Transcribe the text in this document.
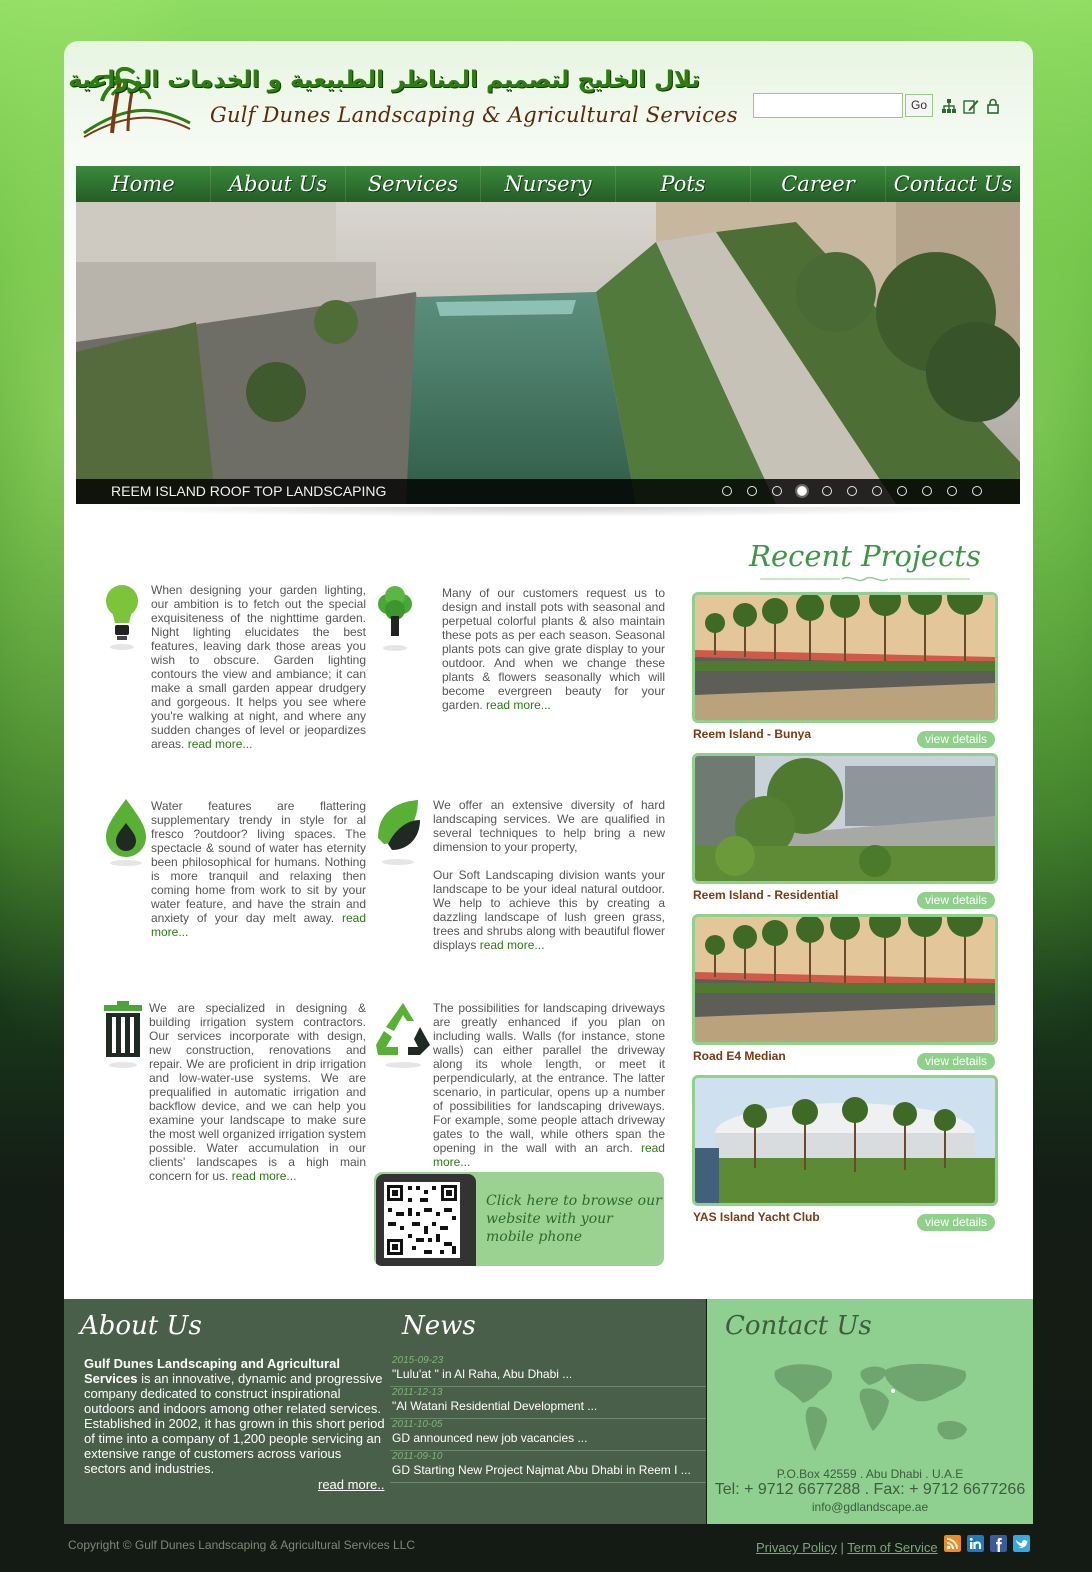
تلال الخليج لتصميم المناظر الطبيعية و الخدمات الزراعية
Gulf Dunes Landscaping & Agricultural Services	Go
Home	About Us	Services	Nursery	Pots	Career	Contact Us
REEM ISLAND ROOF TOP LANDSCAPING
When designing your garden lighting, our ambition is to fetch out the special exquisiteness of the nighttime garden. Night lighting elucidates the best features, leaving dark those areas you wish to obscure. Garden lighting contours the view and ambiance; it can make a small garden appear drudgery and gorgeous. It helps you see where you're walking at night, and where any sudden changes of level or jeopardizes areas. read more...
Many of our customers request us to design and install pots with seasonal and perpetual colorful plants & also maintain these pots as per each season. Seasonal plants pots can give grate display to your outdoor. And when we change these plants & flowers seasonally which will become evergreen beauty for your garden. read more...
Water features are flattering supplementary trendy in style for al fresco ?outdoor? living spaces. The spectacle & sound of water has eternity been philosophical for humans. Nothing is more tranquil and relaxing then coming home from work to sit by your water feature, and have the strain and anxiety of your day melt away. read more...
We offer an extensive diversity of hard landscaping services. We are qualified in several techniques to help bring a new dimension to your property,
Our Soft Landscaping division wants your landscape to be your ideal natural outdoor. We help to achieve this by creating a dazzling landscape of lush green grass, trees and shrubs along with beautiful flower displays read more...
We are specialized in designing & building irrigation system contractors. Our services incorporate with design, new construction, renovations and repair. We are proficient in drip irrigation and low-water-use systems. We are prequalified in automatic irrigation and backflow device, and we can help you examine your landscape to make sure the most well organized irrigation system possible. Water accumulation in our clients' landscapes is a high main concern for us. read more...
The possibilities for landscaping driveways are greatly enhanced if you plan on including walls. Walls (for instance, stone walls) can either parallel the driveway along its whole length, or meet it perpendicularly, at the entrance. The latter scenario, in particular, opens up a number of possibilities for landscaping driveways. For example, some people attach driveway gates to the wall, while others span the opening in the wall with an arch. read more...
Click here to browse our website with your mobile phone
Recent Projects
Reem Island - Bunya	view details
Reem Island - Residential	view details
Road E4 Median	view details
YAS Island Yacht Club	view details
About Us
Gulf Dunes Landscaping and Agricultural Services is an innovative, dynamic and progressive company dedicated to construct inspirational outdoors and indoors among other related services. Established in 2002, it has grown in this short period of time into a company of 1,200 people servicing an extensive range of customers across various sectors and industries.
read more..
News
2015-09-23
"Lulu'at " in Al Raha, Abu Dhabi ...
2011-12-13
"Al Watani Residential Development ...
2011-10-05
GD announced new job vacancies ...
2011-09-10
GD Starting New Project Najmat Abu Dhabi in Reem I ...
Contact Us
P.O.Box 42559 . Abu Dhabi . U.A.E
Tel: + 9712 6677288 . Fax: + 9712 6677266
info@gdlandscape.ae
Copyright © Gulf Dunes Landscaping & Agricultural Services LLC	Privacy Policy | Term of Service
